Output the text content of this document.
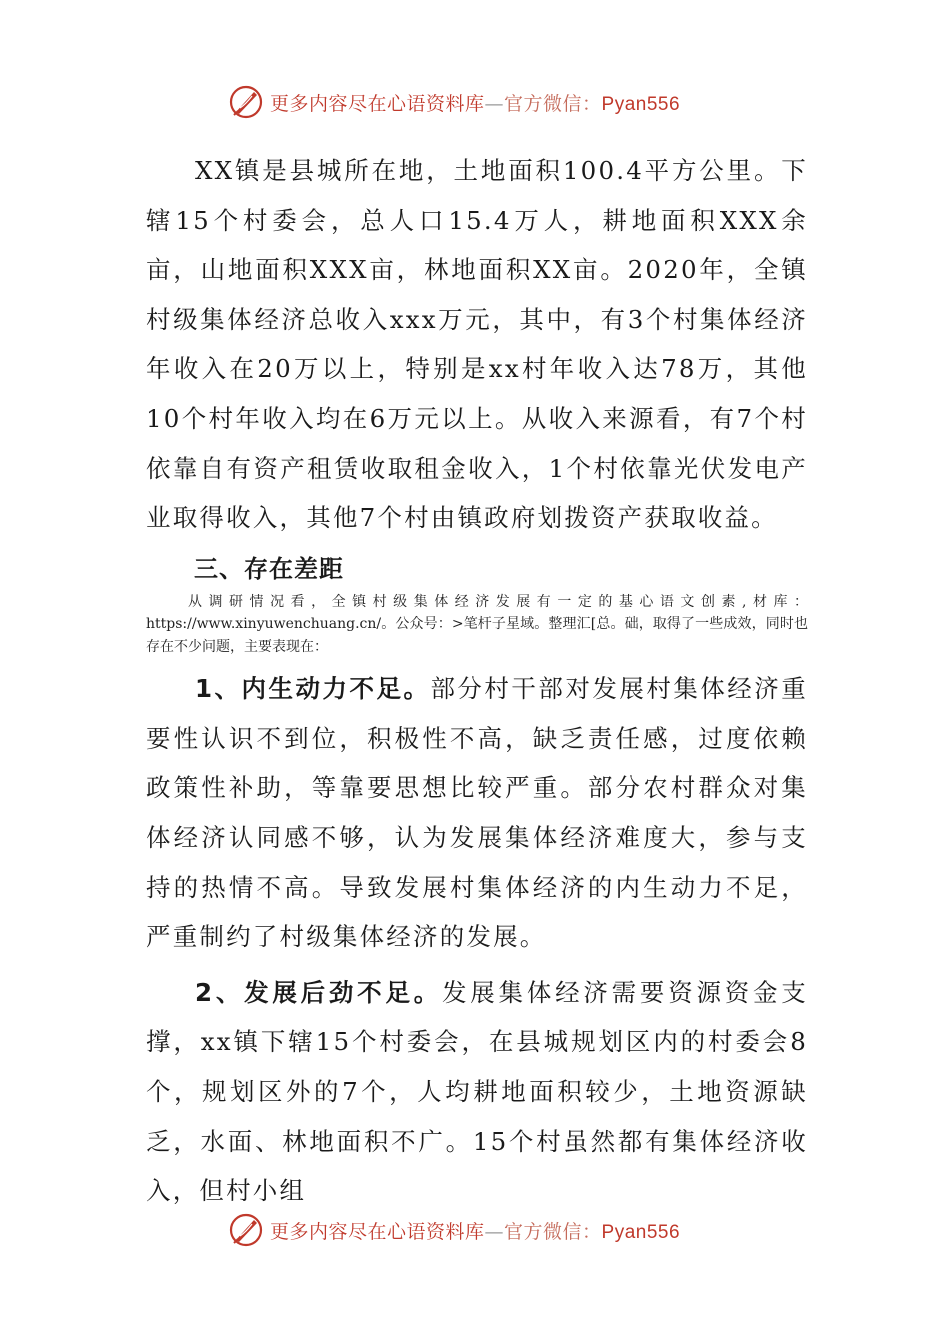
更多内容尽在心语资料库—官方微信：Pyan556

XX镇是县城所在地，土地面积100.4平方公里。下辖15个村委会，总人口15.4万人，耕地面积XXX余亩，山地面积XXX亩，林地面积XX亩。2020年，全镇村级集体经济总收入xxx万元，其中，有3个村集体经济年收入在20万以上，特别是xx村年收入达78万，其他10个村年收入均在6万元以上。从收入来源看，有7个村依靠自有资产租赁收取租金收入，1个村依靠光伏发电产业取得收入，其他7个村由镇政府划拨资产获取收益。

三、存在差距

从调研情况看，全镇村级集体经济发展有一定的基心语文创素,材库：https://www.xinyuwenchuang.cn/。公众号：>笔杆子星域。整理汇[总。础，取得了一些成效，同时也存在不少问题，主要表现在：

1、内生动力不足。部分村干部对发展村集体经济重要性认识不到位，积极性不高，缺乏责任感，过度依赖政策性补助，等靠要思想比较严重。部分农村群众对集体经济认同感不够，认为发展集体经济难度大，参与支持的热情不高。导致发展村集体经济的内生动力不足，严重制约了村级集体经济的发展。

2、发展后劲不足。发展集体经济需要资源资金支撑，xx镇下辖15个村委会，在县城规划区内的村委会8个，规划区外的7个，人均耕地面积较少，土地资源缺乏，水面、林地面积不广。15个村虽然都有集体经济收入，但村小组

更多内容尽在心语资料库—官方微信：Pyan556
